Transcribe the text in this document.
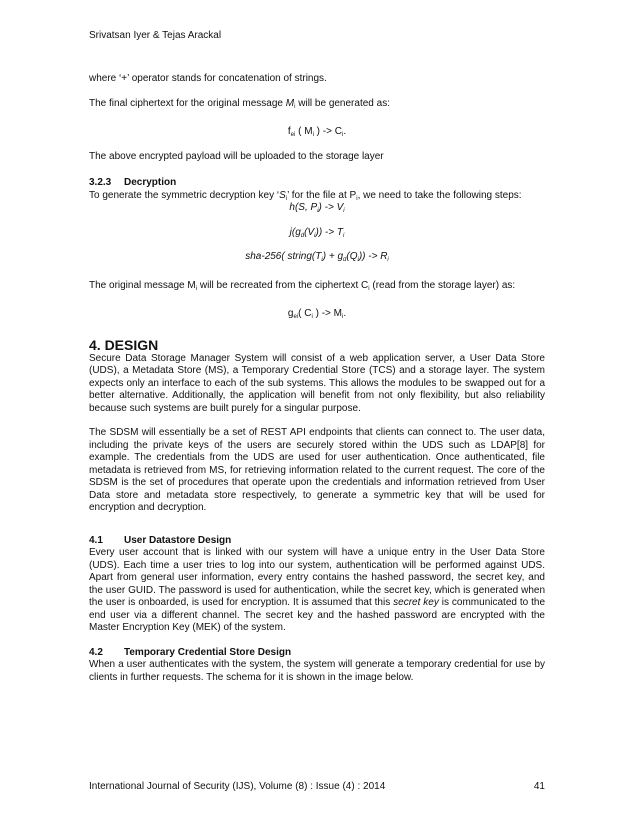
Srivatsan Iyer & Tejas Arackal

where ‘+’ operator stands for concatenation of strings.

The final ciphertext for the original message $M_i$ will be generated as:

$f_{ei}$ ( $M_i$ ) -> $C_i$.

The above encrypted payload will be uploaded to the storage layer

3.2.3 Decryption

To generate the symmetric decryption key ‘$S_i$’ for the file at $P_i$, we need to take the following steps:

h(S, $P_i) -> V_i$

$j(g_d(V_i)) -> T_i$

sha-256( $string(T_i) + g_d(Q_i)) -> R_i$

The original message $M_i$ will be recreated from the ciphertext $C_i$ (read from the storage layer) as:

$g_{ei}$( $C_i$ ) -> $M_i$.

4. DESIGN

Secure Data Storage Manager System will consist of a web application server, a User Data Store (UDS), a Metadata Store (MS), a Temporary Credential Store (TCS) and a storage layer. The system expects only an interface to each of the sub systems. This allows the modules to be swapped out for a better alternative. Additionally, the application will benefit from not only flexibility, but also reliability because such systems are built purely for a singular purpose.

The SDSM will essentially be a set of REST API endpoints that clients can connect to. The user data, including the private keys of the users are securely stored within the UDS such as LDAP[8] for example. The credentials from the UDS are used for user authentication. Once authenticated, file metadata is retrieved from MS, for retrieving information related to the current request. The core of the SDSM is the set of procedures that operate upon the credentials and information retrieved from User Data store and metadata store respectively, to generate a symmetric key that will be used for encryption and decryption.

4.1 User Datastore Design

Every user account that is linked with our system will have a unique entry in the User Data Store (UDS). Each time a user tries to log into our system, authentication will be performed against UDS. Apart from general user information, every entry contains the hashed password, the secret key, and the user GUID. The password is used for authentication, while the secret key, which is generated when the user is onboarded, is used for encryption. It is assumed that this secret key is communicated to the end user via a different channel. The secret key and the hashed password are encrypted with the Master Encryption Key (MEK) of the system.

4.2 Temporary Credential Store Design

When a user authenticates with the system, the system will generate a temporary credential for use by clients in further requests. The schema for it is shown in the image below.

International Journal of Security (IJS), Volume (8) : Issue (4) : 2014	41
